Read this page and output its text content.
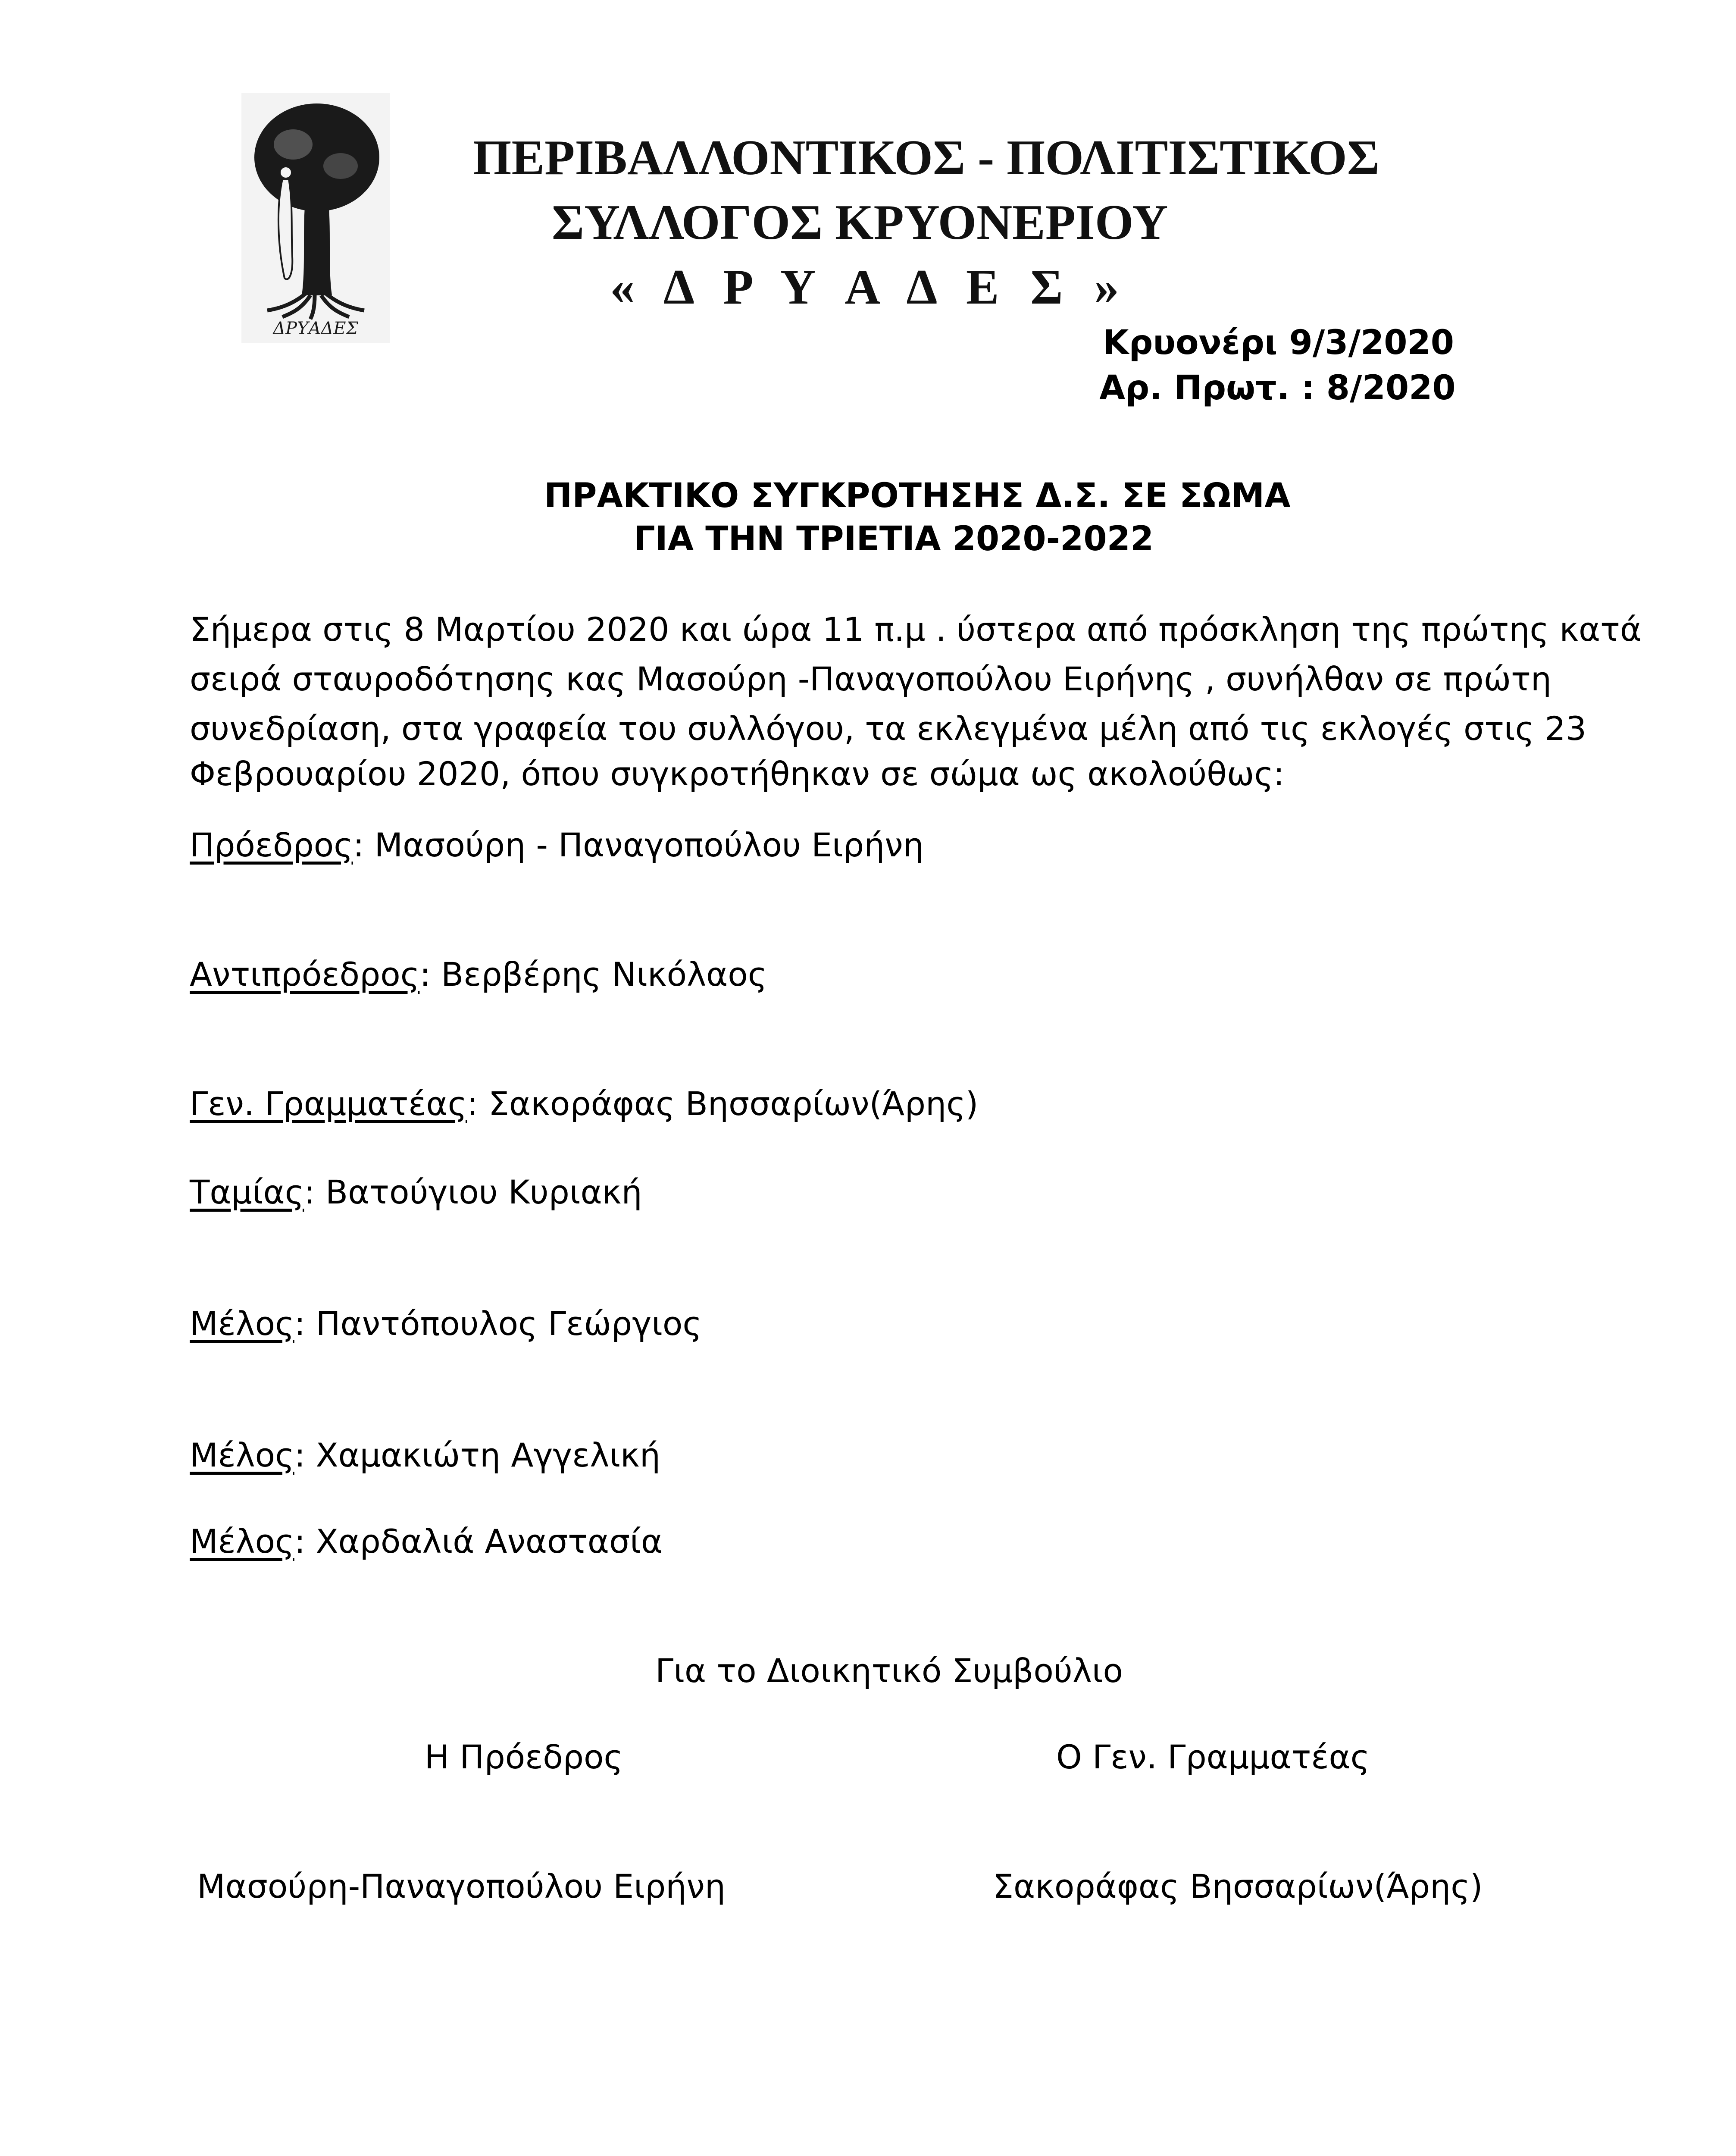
ΔΡΥΑΔΕΣ
ΠΕΡΙΒΑΛΛΟΝΤΙΚΟΣ - ΠΟΛΙΤΙΣΤΙΚΟΣ
ΣΥΛΛΟΓΟΣ ΚΡΥΟΝΕΡΙΟΥ
« Δ Ρ Υ Α Δ Ε Σ »
Κρυονέρι 9/3/2020
Αρ. Πρωτ. : 8/2020
ΠΡΑΚΤΙΚΟ ΣΥΓΚΡΟΤΗΣΗΣ Δ.Σ. ΣΕ ΣΩΜΑ
ΓΙΑ ΤΗΝ ΤΡΙΕΤΙΑ 2020-2022
Σήμερα στις 8 Μαρτίου 2020 και ώρα 11 π.μ . ύστερα από πρόσκληση της πρώτης κατά
σειρά σταυροδότησης κας Μασούρη -Παναγοπούλου Ειρήνης , συνήλθαν σε πρώτη
συνεδρίαση, στα γραφεία του συλλόγου, τα εκλεγμένα μέλη από τις εκλογές στις 23
Φεβρουαρίου 2020, όπου συγκροτήθηκαν σε σώμα ως ακολούθως:
Πρόεδρος: Μασούρη - Παναγοπούλου Ειρήνη
Αντιπρόεδρος: Βερβέρης Νικόλαος
Γεν. Γραμματέας: Σακοράφας Βησσαρίων(Άρης)
Ταμίας: Βατούγιου Κυριακή
Μέλος: Παντόπουλος Γεώργιος
Μέλος: Χαμακιώτη Αγγελική
Μέλος: Χαρδαλιά Αναστασία
Για το Διοικητικό Συμβούλιο
Η Πρόεδρος	Ο Γεν. Γραμματέας
Μασούρη-Παναγοπούλου Ειρήνη	Σακοράφας Βησσαρίων(Άρης)
